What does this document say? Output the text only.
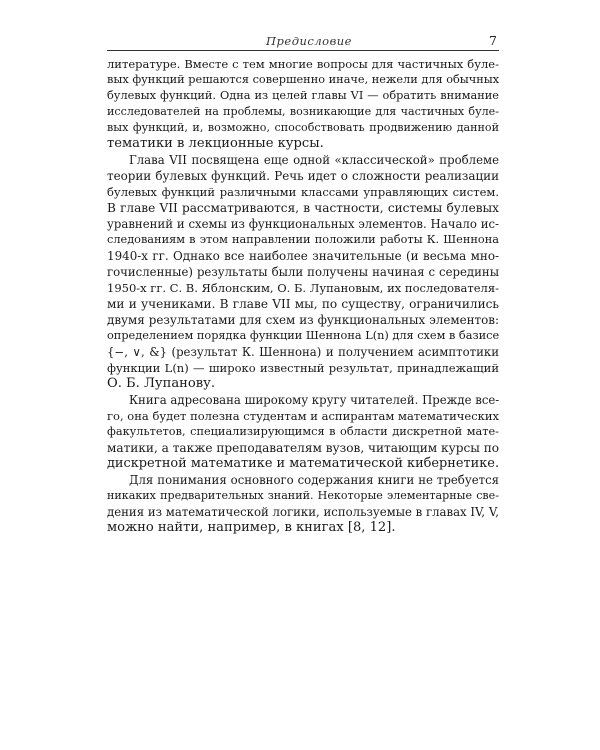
Предисловие	7

литературе. Вместе с тем многие вопросы для частичных буле-
вых функций решаются совершенно иначе, нежели для обычных
булевых функций. Одна из целей главы VI — обратить внимание
исследователей на проблемы, возникающие для частичных буле-
вых функций, и, возможно, способствовать продвижению данной
тематики в лекционные курсы.

Глава VII посвящена еще одной «классической» проблеме
теории булевых функций. Речь идет о сложности реализации
булевых функций различными классами управляющих систем.
В главе VII рассматриваются, в частности, системы булевых
уравнений и схемы из функциональных элементов. Начало ис-
следованиям в этом направлении положили работы К. Шеннона
1940-х гг. Однако все наиболее значительные (и весьма мно-
гочисленные) результаты были получены начиная с середины
1950-х гг. С. В. Яблонским, О. Б. Лупановым, их последователя-
ми и учениками. В главе VII мы, по существу, ограничились
двумя результатами для схем из функциональных элементов:
определением порядка функции Шеннона L(n) для схем в базисе
{−, ∨, &} (результат К. Шеннона) и получением асимптотики
функции L(n) — широко известный результат, принадлежащий
О. Б. Лупанову.

Книга адресована широкому кругу читателей. Прежде все-
го, она будет полезна студентам и аспирантам математических
факультетов, специализирующимся в области дискретной мате-
матики, а также преподавателям вузов, читающим курсы по
дискретной математике и математической кибернетике.

Для понимания основного содержания книги не требуется
никаких предварительных знаний. Некоторые элементарные све-
дения из математической логики, используемые в главах IV, V,
можно найти, например, в книгах [8, 12].
